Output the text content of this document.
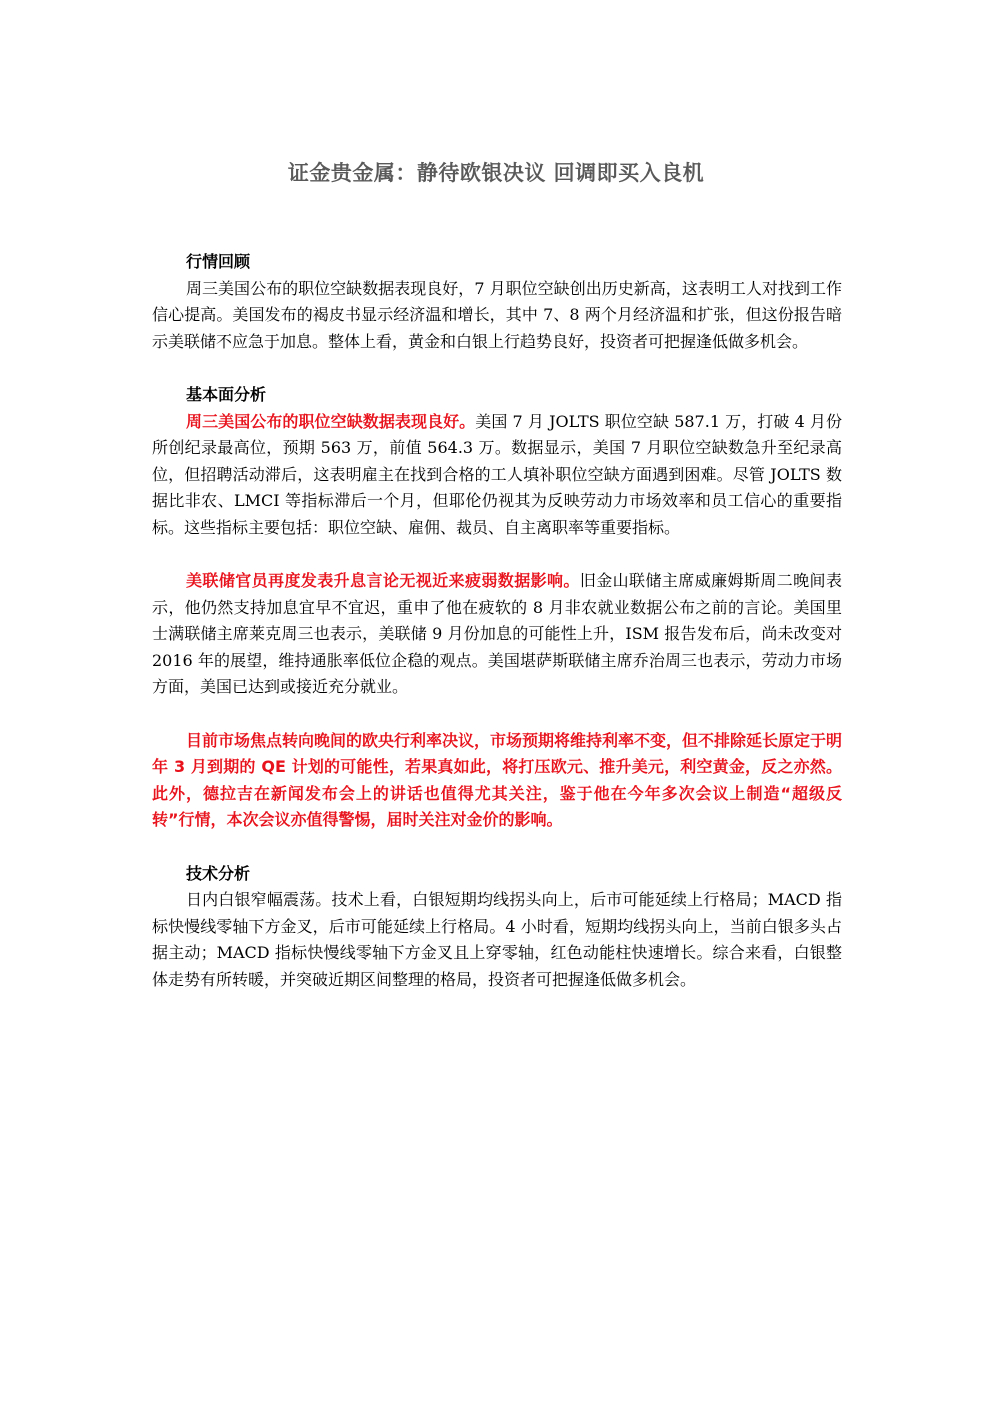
证金贵金属：静待欧银决议 回调即买入良机
行情回顾

周三美国公布的职位空缺数据表现良好，7 月职位空缺创出历史新高，这表明工人对找到工作信心提高。美国发布的褐皮书显示经济温和增长，其中 7、8 两个月经济温和扩张，但这份报告暗示美联储不应急于加息。整体上看，黄金和白银上行趋势良好，投资者可把握逢低做多机会。

基本面分析

周三美国公布的职位空缺数据表现良好。美国 7 月 JOLTS 职位空缺 587.1 万，打破 4 月份所创纪录最高位，预期 563 万，前值 564.3 万。数据显示，美国 7 月职位空缺数急升至纪录高位，但招聘活动滞后，这表明雇主在找到合格的工人填补职位空缺方面遇到困难。尽管 JOLTS 数据比非农、LMCI 等指标滞后一个月，但耶伦仍视其为反映劳动力市场效率和员工信心的重要指标。这些指标主要包括：职位空缺、雇佣、裁员、自主离职率等重要指标。

美联储官员再度发表升息言论无视近来疲弱数据影响。旧金山联储主席威廉姆斯周二晚间表示，他仍然支持加息宜早不宜迟，重申了他在疲软的 8 月非农就业数据公布之前的言论。美国里士满联储主席莱克周三也表示，美联储 9 月份加息的可能性上升，ISM 报告发布后，尚未改变对 2016 年的展望，维持通胀率低位企稳的观点。美国堪萨斯联储主席乔治周三也表示，劳动力市场方面，美国已达到或接近充分就业。

目前市场焦点转向晚间的欧央行利率决议，市场预期将维持利率不变，但不排除延长原定于明年 3 月到期的 QE 计划的可能性，若果真如此，将打压欧元、推升美元，利空黄金，反之亦然。此外，德拉吉在新闻发布会上的讲话也值得尤其关注，鉴于他在今年多次会议上制造“超级反转”行情，本次会议亦值得警惕，届时关注对金价的影响。

技术分析

日内白银窄幅震荡。技术上看，白银短期均线拐头向上，后市可能延续上行格局；MACD 指标快慢线零轴下方金叉，后市可能延续上行格局。4 小时看，短期均线拐头向上，当前白银多头占据主动；MACD 指标快慢线零轴下方金叉且上穿零轴，红色动能柱快速增长。综合来看，白银整体走势有所转暖，并突破近期区间整理的格局，投资者可把握逢低做多机会。
